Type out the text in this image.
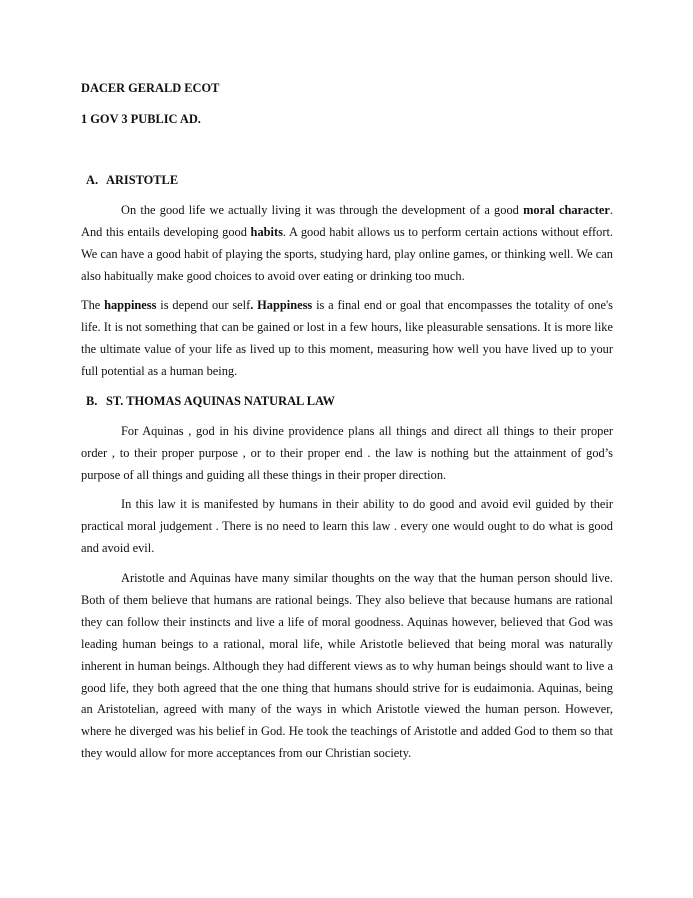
DACER GERALD ECOT
1 GOV 3 PUBLIC AD.
A. ARISTOTLE

On the good life we actually living it was through the development of a good moral character. And this entails developing good habits. A good habit allows us to perform certain actions without effort. We can have a good habit of playing the sports, studying hard, play online games, or thinking well. We can also habitually make good choices to avoid over eating or drinking too much.

The happiness is depend our self. Happiness is a final end or goal that encompasses the totality of one's life. It is not something that can be gained or lost in a few hours, like pleasurable sensations. It is more like the ultimate value of your life as lived up to this moment, measuring how well you have lived up to your full potential as a human being.

B. ST. THOMAS AQUINAS NATURAL LAW

For Aquinas , god in his divine providence plans all things and direct all things to their proper order , to their proper purpose , or to their proper end . the law is nothing but the attainment of god’s purpose of all things and guiding all these things in their proper direction.

In this law it is manifested by humans in their ability to do good and avoid evil guided by their practical moral judgement . There is no need to learn this law . every one would ought to do what is good and avoid evil.

Aristotle and Aquinas have many similar thoughts on the way that the human person should live. Both of them believe that humans are rational beings. They also believe that because humans are rational they can follow their instincts and live a life of moral goodness. Aquinas however, believed that God was leading human beings to a rational, moral life, while Aristotle believed that being moral was naturally inherent in human beings. Although they had different views as to why human beings should want to live a good life, they both agreed that the one thing that humans should strive for is eudaimonia. Aquinas, being an Aristotelian, agreed with many of the ways in which Aristotle viewed the human person. However, where he diverged was his belief in God. He took the teachings of Aristotle and added God to them so that they would allow for more acceptances from our Christian society.
